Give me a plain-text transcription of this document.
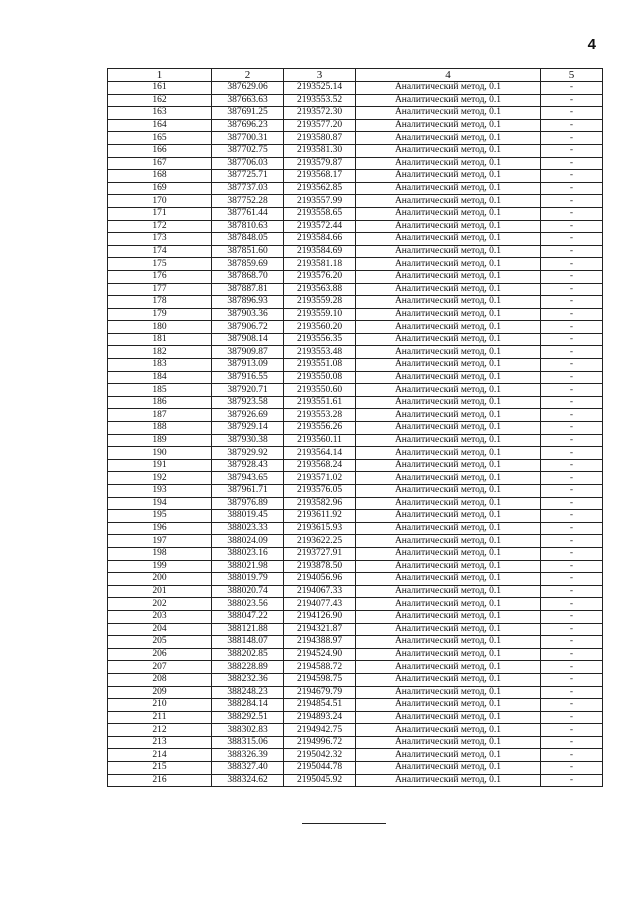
4
1	2	3	4	5
161	387629.06	2193525.14	Аналитический метод, 0.1	-
162	387663.63	2193553.52	Аналитический метод, 0.1	-
163	387691.25	2193572.30	Аналитический метод, 0.1	-
164	387696.23	2193577.20	Аналитический метод, 0.1	-
165	387700.31	2193580.87	Аналитический метод, 0.1	-
166	387702.75	2193581.30	Аналитический метод, 0.1	-
167	387706.03	2193579.87	Аналитический метод, 0.1	-
168	387725.71	2193568.17	Аналитический метод, 0.1	-
169	387737.03	2193562.85	Аналитический метод, 0.1	-
170	387752.28	2193557.99	Аналитический метод, 0.1	-
171	387761.44	2193558.65	Аналитический метод, 0.1	-
172	387810.63	2193572.44	Аналитический метод, 0.1	-
173	387848.05	2193584.66	Аналитический метод, 0.1	-
174	387851.60	2193584.69	Аналитический метод, 0.1	-
175	387859.69	2193581.18	Аналитический метод, 0.1	-
176	387868.70	2193576.20	Аналитический метод, 0.1	-
177	387887.81	2193563.88	Аналитический метод, 0.1	-
178	387896.93	2193559.28	Аналитический метод, 0.1	-
179	387903.36	2193559.10	Аналитический метод, 0.1	-
180	387906.72	2193560.20	Аналитический метод, 0.1	-
181	387908.14	2193556.35	Аналитический метод, 0.1	-
182	387909.87	2193553.48	Аналитический метод, 0.1	-
183	387913.09	2193551.08	Аналитический метод, 0.1	-
184	387916.55	2193550.08	Аналитический метод, 0.1	-
185	387920.71	2193550.60	Аналитический метод, 0.1	-
186	387923.58	2193551.61	Аналитический метод, 0.1	-
187	387926.69	2193553.28	Аналитический метод, 0.1	-
188	387929.14	2193556.26	Аналитический метод, 0.1	-
189	387930.38	2193560.11	Аналитический метод, 0.1	-
190	387929.92	2193564.14	Аналитический метод, 0.1	-
191	387928.43	2193568.24	Аналитический метод, 0.1	-
192	387943.65	2193571.02	Аналитический метод, 0.1	-
193	387961.71	2193576.05	Аналитический метод, 0.1	-
194	387976.89	2193582.96	Аналитический метод, 0.1	-
195	388019.45	2193611.92	Аналитический метод, 0.1	-
196	388023.33	2193615.93	Аналитический метод, 0.1	-
197	388024.09	2193622.25	Аналитический метод, 0.1	-
198	388023.16	2193727.91	Аналитический метод, 0.1	-
199	388021.98	2193878.50	Аналитический метод, 0.1	-
200	388019.79	2194056.96	Аналитический метод, 0.1	-
201	388020.74	2194067.33	Аналитический метод, 0.1	-
202	388023.56	2194077.43	Аналитический метод, 0.1	-
203	388047.22	2194126.90	Аналитический метод, 0.1	-
204	388121.88	2194321.87	Аналитический метод, 0.1	-
205	388148.07	2194388.97	Аналитический метод, 0.1	-
206	388202.85	2194524.90	Аналитический метод, 0.1	-
207	388228.89	2194588.72	Аналитический метод, 0.1	-
208	388232.36	2194598.75	Аналитический метод, 0.1	-
209	388248.23	2194679.79	Аналитический метод, 0.1	-
210	388284.14	2194854.51	Аналитический метод, 0.1	-
211	388292.51	2194893.24	Аналитический метод, 0.1	-
212	388302.83	2194942.75	Аналитический метод, 0.1	-
213	388315.06	2194996.72	Аналитический метод, 0.1	-
214	388326.39	2195042.32	Аналитический метод, 0.1	-
215	388327.40	2195044.78	Аналитический метод, 0.1	-
216	388324.62	2195045.92	Аналитический метод, 0.1	-
